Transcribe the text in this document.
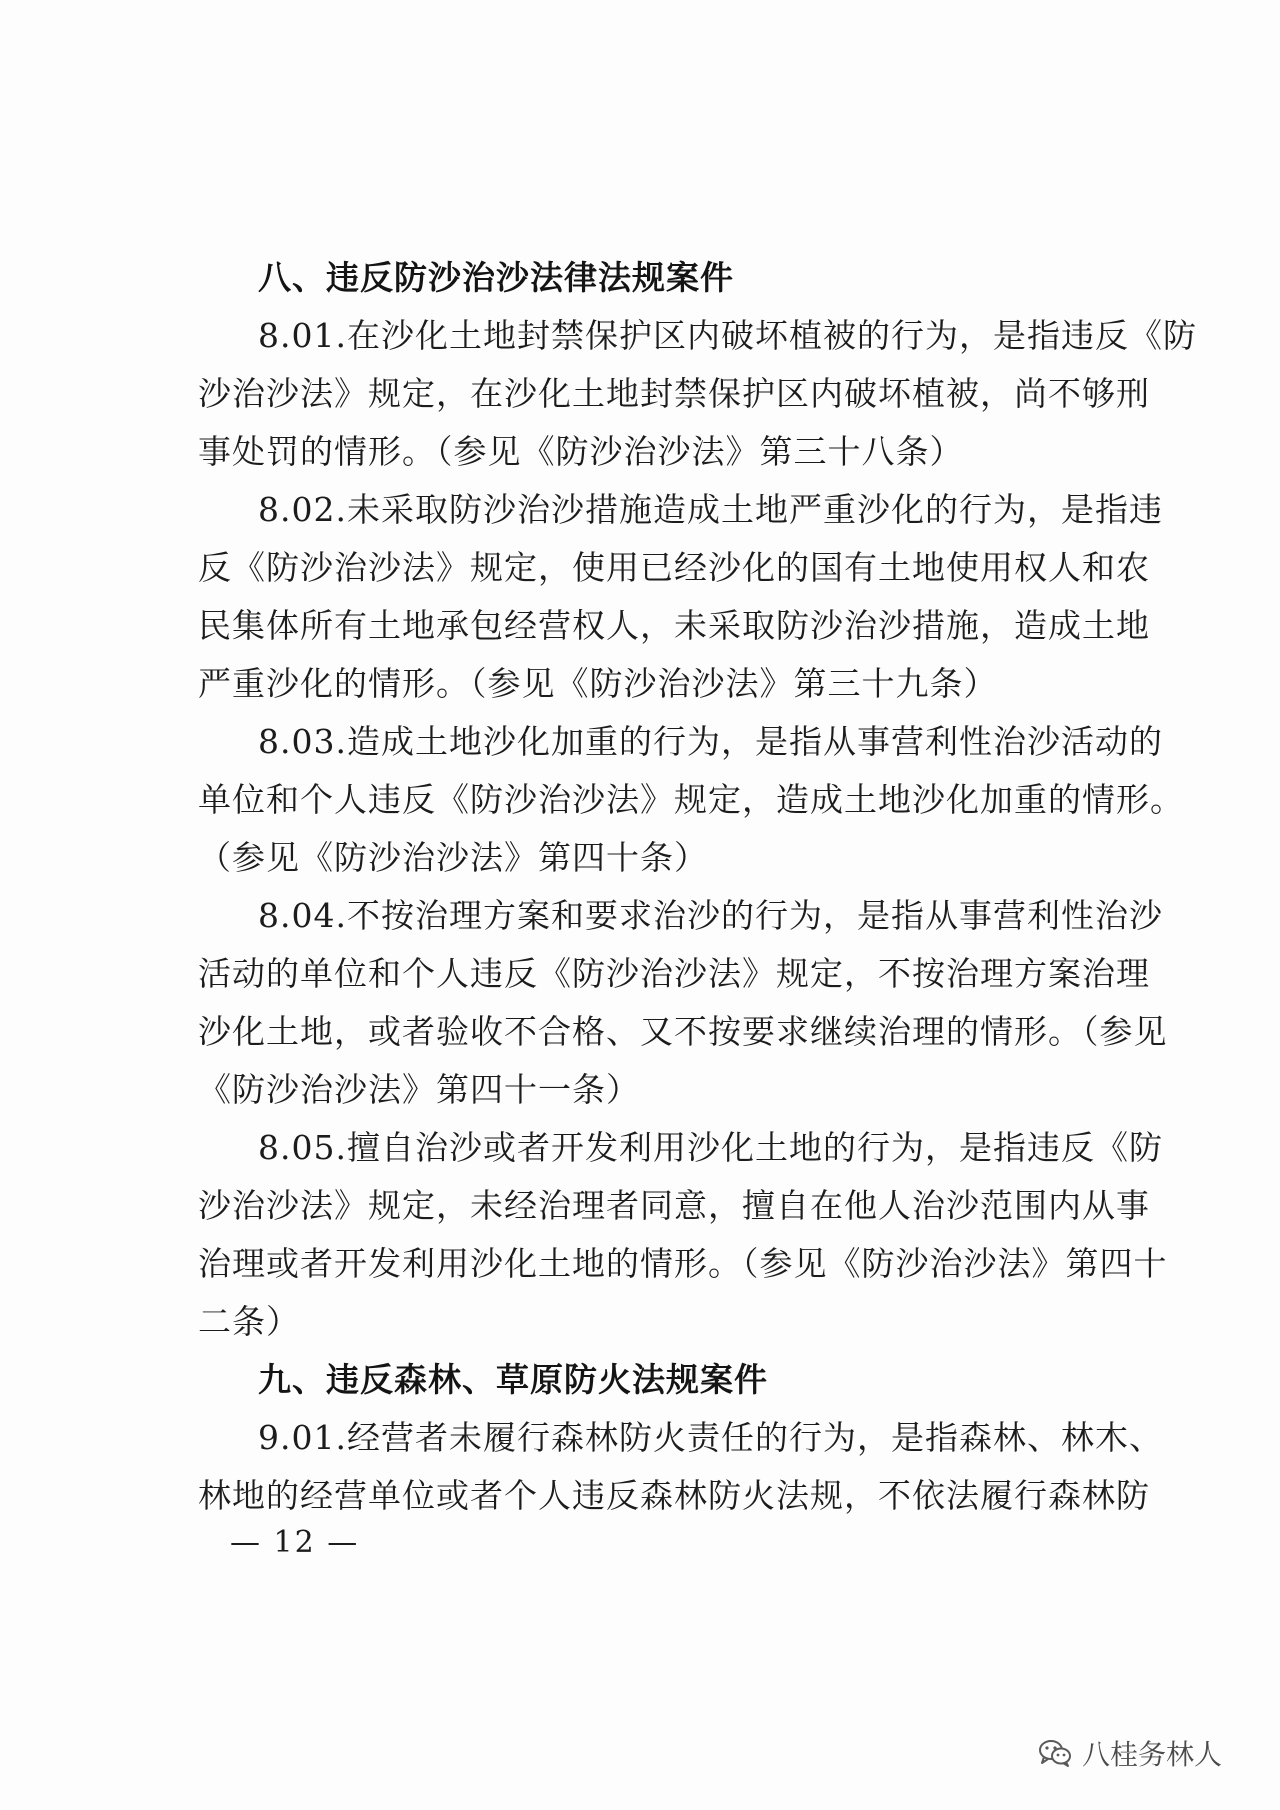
八、违反防沙治沙法律法规案件
8.01.在沙化土地封禁保护区内破坏植被的行为，是指违反《防
沙治沙法》规定，在沙化土地封禁保护区内破坏植被，尚不够刑
事处罚的情形。（参见《防沙治沙法》第三十八条）
8.02.未采取防沙治沙措施造成土地严重沙化的行为，是指违
反《防沙治沙法》规定，使用已经沙化的国有土地使用权人和农
民集体所有土地承包经营权人，未采取防沙治沙措施，造成土地
严重沙化的情形。（参见《防沙治沙法》第三十九条）
8.03.造成土地沙化加重的行为，是指从事营利性治沙活动的
单位和个人违反《防沙治沙法》规定，造成土地沙化加重的情形。
（参见《防沙治沙法》第四十条）
8.04.不按治理方案和要求治沙的行为，是指从事营利性治沙
活动的单位和个人违反《防沙治沙法》规定，不按治理方案治理
沙化土地，或者验收不合格、又不按要求继续治理的情形。（参见
《防沙治沙法》第四十一条）
8.05.擅自治沙或者开发利用沙化土地的行为，是指违反《防
沙治沙法》规定，未经治理者同意，擅自在他人治沙范围内从事
治理或者开发利用沙化土地的情形。（参见《防沙治沙法》第四十
二条）
九、违反森林、草原防火法规案件
9.01.经营者未履行森林防火责任的行为，是指森林、林木、
林地的经营单位或者个人违反森林防火法规，不依法履行森林防
— 12 —
八桂务林人
